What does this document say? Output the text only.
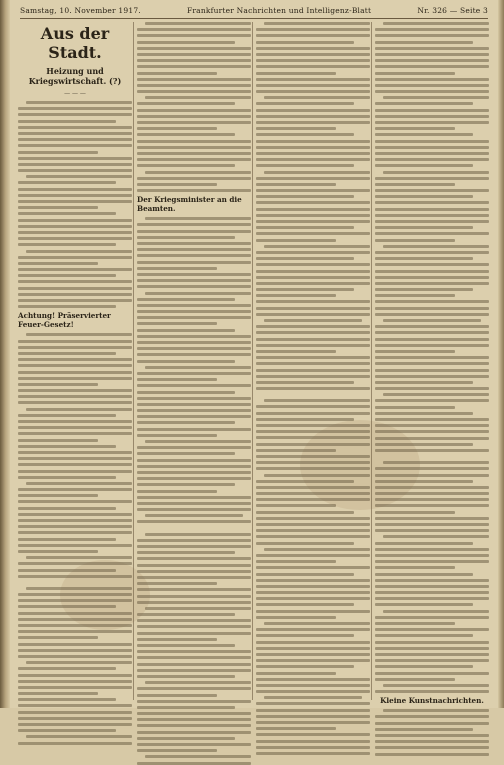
Samstag, 10. November 1917.	Frankfurter Nachrichten und Intelligenz-Blatt	Nr. 326 — Seite 3
Aus der Stadt.
Heizung und Kriegswirtschaft. (?)
— — —
Achtung! Präservierter Feuer-Gesetz!
Der Kriegsminister an die Beamten.
Kleine Kunstnachrichten.
